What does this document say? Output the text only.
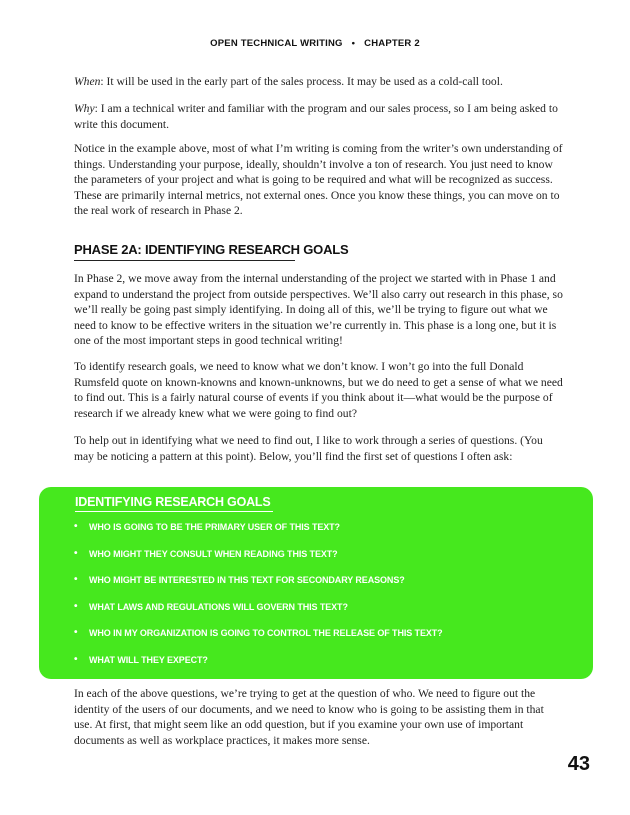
OPEN TECHNICAL WRITING • CHAPTER 2

When: It will be used in the early part of the sales process. It may be used as a cold-call tool.

Why: I am a technical writer and familiar with the program and our sales process, so I am being asked to write this document.

Notice in the example above, most of what I’m writing is coming from the writer’s own understanding of things. Understanding your purpose, ideally, shouldn’t involve a ton of research. You just need to know the parameters of your project and what is going to be required and what will be recognized as success. These are primarily internal metrics, not external ones. Once you know these things, you can move on to the real work of research in Phase 2.

PHASE 2A: IDENTIFYING RESEARCH GOALS

In Phase 2, we move away from the internal understanding of the project we started with in Phase 1 and expand to understand the project from outside perspectives. We’ll also carry out research in this phase, so we’ll really be going past simply identifying. In doing all of this, we’ll be trying to figure out what we need to know to be effective writers in the situation we’re currently in. This phase is a long one, but it is one of the most important steps in good technical writing!

To identify research goals, we need to know what we don’t know. I won’t go into the full Donald Rumsfeld quote on known-knowns and known-unknowns, but we do need to get a sense of what we need to find out. This is a fairly natural course of events if you think about it—what would be the purpose of research if we already knew what we were going to find out?

To help out in identifying what we need to find out, I like to work through a series of questions. (You may be noticing a pattern at this point). Below, you’ll find the first set of questions I often ask:

IDENTIFYING RESEARCH GOALS
•	WHO IS GOING TO BE THE PRIMARY USER OF THIS TEXT?
•	WHO MIGHT THEY CONSULT WHEN READING THIS TEXT?
•	WHO MIGHT BE INTERESTED IN THIS TEXT FOR SECONDARY REASONS?
•	WHAT LAWS AND REGULATIONS WILL GOVERN THIS TEXT?
•	WHO IN MY ORGANIZATION IS GOING TO CONTROL THE RELEASE OF THIS TEXT?
•	WHAT WILL THEY EXPECT?

In each of the above questions, we’re trying to get at the question of who. We need to figure out the identity of the users of our documents, and we need to know who is going to be assisting them in that use. At first, that might seem like an odd question, but if you examine your own use of important documents as well as workplace practices, it makes more sense.

43
